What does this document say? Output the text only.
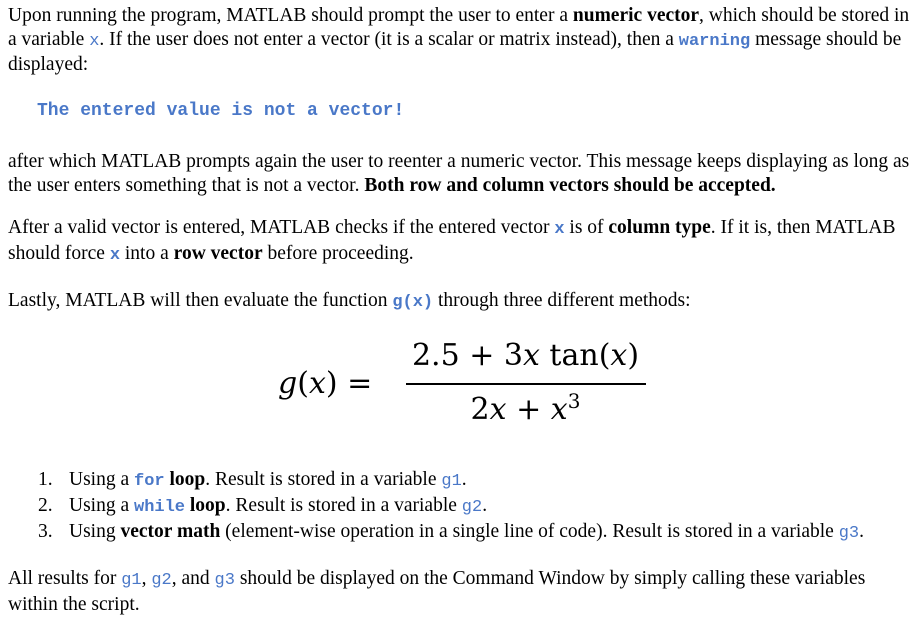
Upon running the program, MATLAB should prompt the user to enter a numeric vector, which should be stored in a variable x. If the user does not enter a vector (it is a scalar or matrix instead), then a warning message should be displayed:

The entered value is not a vector!

after which MATLAB prompts again the user to reenter a numeric vector. This message keeps displaying as long as the user enters something that is not a vector. Both row and column vectors should be accepted.

After a valid vector is entered, MATLAB checks if the entered vector x is of column type. If it is, then MATLAB should force x into a row vector before proceeding.

Lastly, MATLAB will then evaluate the function g(x) through three different methods:

g(x) =
2.5 + 3x tan(x)
$2x + x^3$
1. Using a for loop. Result is stored in a variable g1.
2. Using a while loop. Result is stored in a variable g2.
3. Using vector math (element-wise operation in a single line of code). Result is stored in a variable g3.

All results for g1, g2, and g3 should be displayed on the Command Window by simply calling these variables within the script.
